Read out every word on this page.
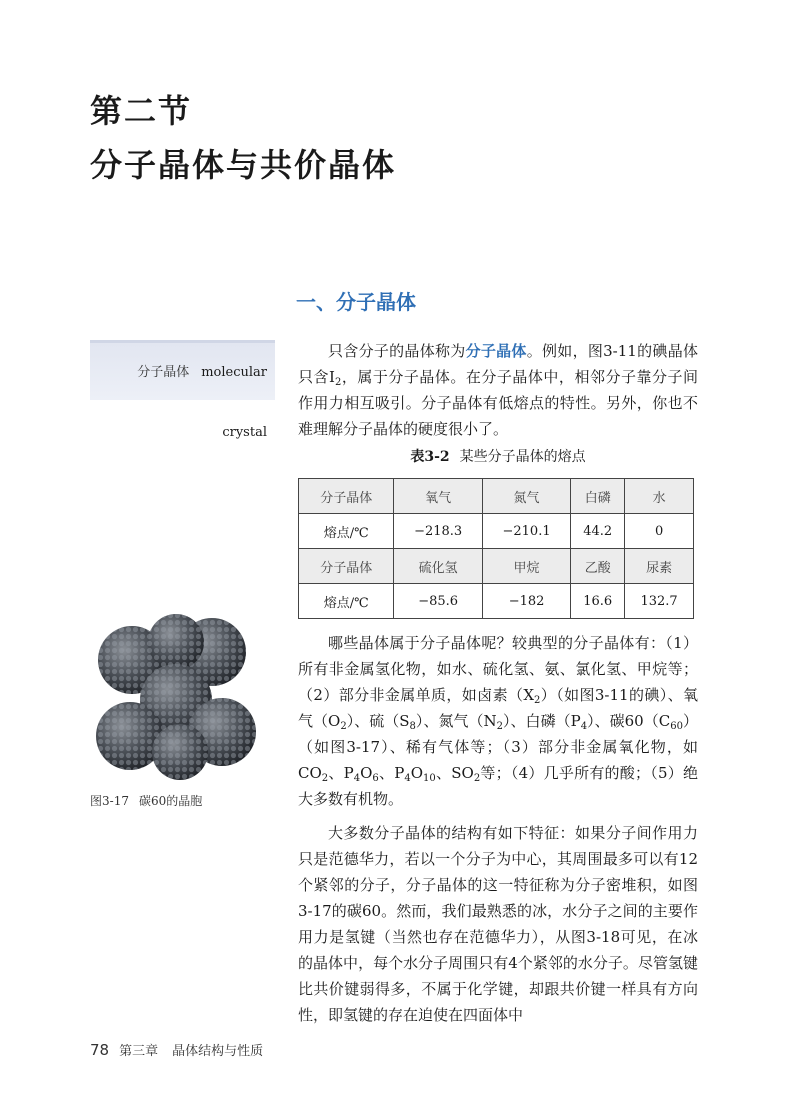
第二节
分子晶体与共价晶体
一、分子晶体
分子晶体 molecular crystal
只含分子的晶体称为分子晶体。例如，图3-11的碘晶体只含$I_2$，属于分子晶体。在分子晶体中，相邻分子靠分子间作用力相互吸引。分子晶体有低熔点的特性。另外，你也不难理解分子晶体的硬度很小了。
表3-2 某些分子晶体的熔点
分子晶体	氧气	氮气	白磷	水
熔点/℃	−218.3	−210.1	44.2	0
分子晶体	硫化氢	甲烷	乙酸	尿素
熔点/℃	−85.6	−182	16.6	132.7
图3-17 碳60的晶胞
哪些晶体属于分子晶体呢？较典型的分子晶体有：（1）所有非金属氢化物，如水、硫化氢、氨、氯化氢、甲烷等；（2）部分非金属单质，如卤素$(X_2)$（如图3-11的碘）、氧气$(O_2)$、硫$(S_8)$、氮气$(N_2)$、白磷$(P_4)$、碳$60(C_{60})$（如图3-17）、稀有气体等；（3）部分非金属氧化物，如$CO_2$、$P_4O_6$、$P_4O_{10}$、$SO_2$等；（4）几乎所有的酸；（5）绝大多数有机物。
大多数分子晶体的结构有如下特征：如果分子间作用力只是范德华力，若以一个分子为中心，其周围最多可以有12个紧邻的分子，分子晶体的这一特征称为分子密堆积，如图3-17的碳60。然而，我们最熟悉的冰，水分子之间的主要作用力是氢键（当然也存在范德华力），从图3-18可见，在冰的晶体中，每个水分子周围只有4个紧邻的水分子。尽管氢键比共价键弱得多，不属于化学键，却跟共价键一样具有方向性，即氢键的存在迫使在四面体中
78 第三章 晶体结构与性质
